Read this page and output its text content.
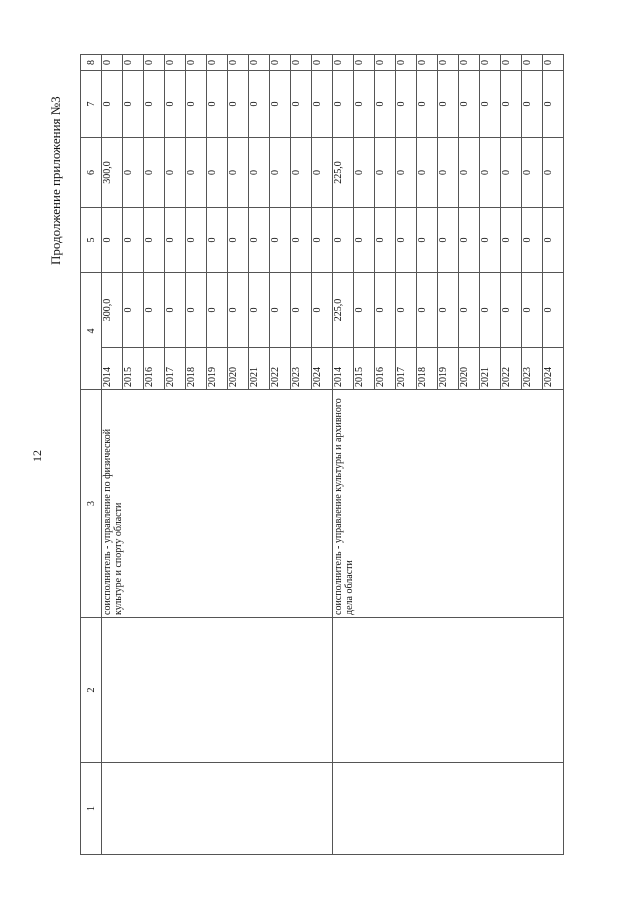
12
Продолжение приложения №3
1	2	3	4		5	6	7	8
		соисполнитель - управление по физической культуре и спорту области	2014	300,0	0	300,0	0	0
			2015	0	0	0	0	0
			2016	0	0	0	0	0
			2017	0	0	0	0	0
			2018	0	0	0	0	0
			2019	0	0	0	0	0
			2020	0	0	0	0	0
			2021	0	0	0	0	0
			2022	0	0	0	0	0
			2023	0	0	0	0	0
			2024	0	0	0	0	0
		соисполнитель - управление культуры и архивного дела области	2014	225,0	0	225,0	0	0
			2015	0	0	0	0	0
			2016	0	0	0	0	0
			2017	0	0	0	0	0
			2018	0	0	0	0	0
			2019	0	0	0	0	0
			2020	0	0	0	0	0
			2021	0	0	0	0	0
			2022	0	0	0	0	0
			2023	0	0	0	0	0
			2024	0	0	0	0	0
